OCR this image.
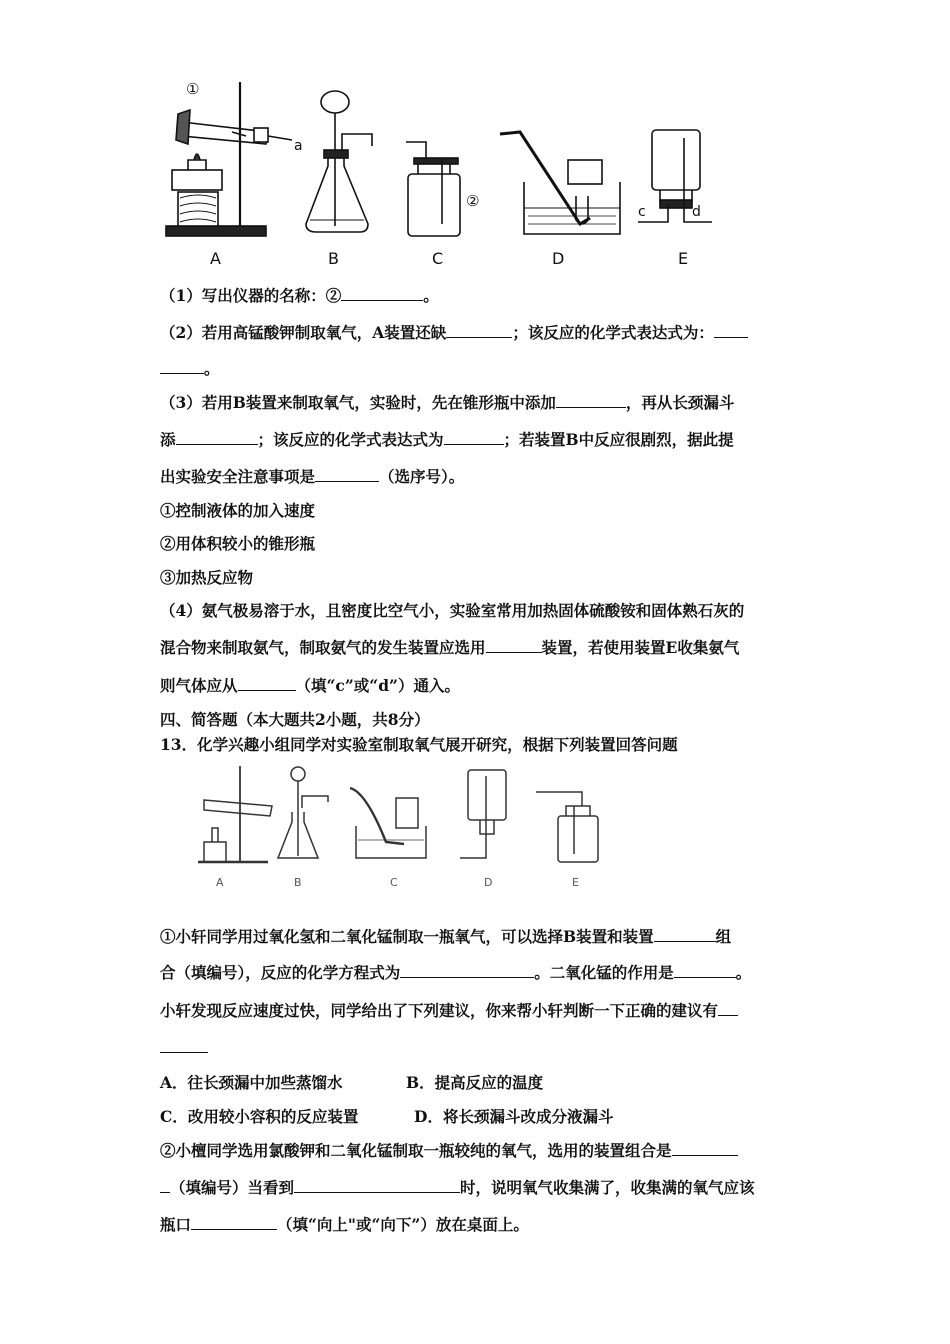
A	B	C	D	E
①
a
②
c	d
（1）写出仪器的名称：②	。
（2）若用高锰酸钾制取氧气，A装置还缺	；该反应的化学式表达式为：
。
（3）若用B装置来制取氧气，实验时，先在锥形瓶中添加	，再从长颈漏斗
添	；该反应的化学式表达式为	；若装置B中反应很剧烈，据此提
出实验安全注意事项是	（选序号）。
①控制液体的加入速度
②用体积较小的锥形瓶
③加热反应物
（4）氨气极易溶于水，且密度比空气小，实验室常用加热固体硫酸铵和固体熟石灰的
混合物来制取氨气，制取氨气的发生装置应选用	装置，若使用装置E收集氨气
则气体应从	（填“c”或“d”）通入。
四、简答题（本大题共2小题，共8分）
13．化学兴趣小组同学对实验室制取氧气展开研究，根据下列装置回答问题
A	B	C	D	E
①小轩同学用过氧化氢和二氧化锰制取一瓶氧气，可以选择B装置和装置	组
合（填编号），反应的化学方程式为	。二氧化锰的作用是	。
小轩发现反应速度过快，同学给出了下列建议，你来帮小轩判断一下正确的建议有
A．往长颈漏中加些蒸馏水	B．提高反应的温度
C．改用较小容积的反应装置	D．将长颈漏斗改成分液漏斗
②小檀同学选用氯酸钾和二氧化锰制取一瓶较纯的氧气，选用的装置组合是
（填编号）当看到	时，说明氧气收集满了，收集满的氧气应该
瓶口	（填“向上"或“向下”）放在桌面上。
